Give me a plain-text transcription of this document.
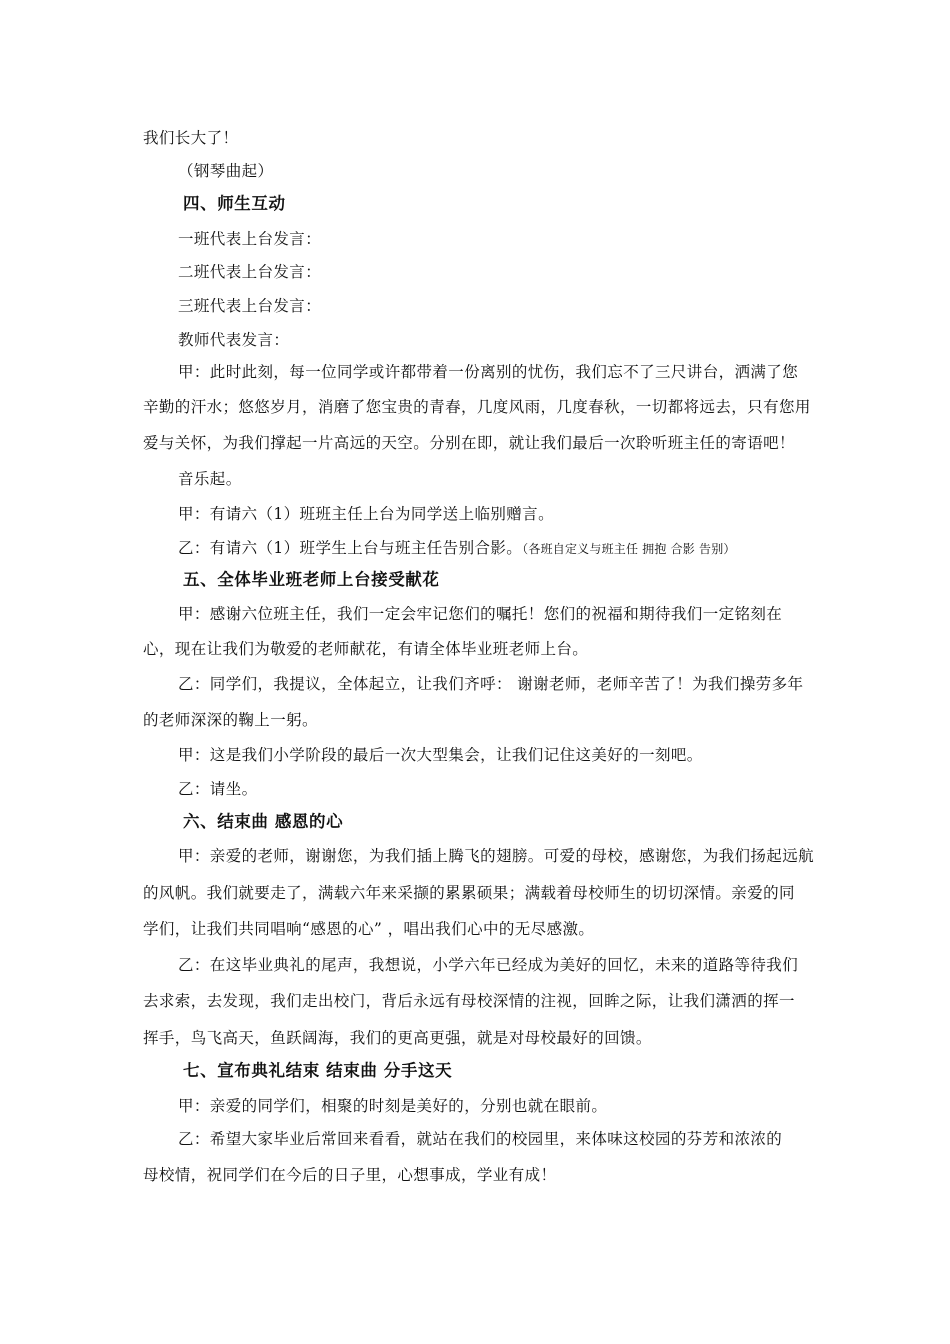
我们长大了！
（钢琴曲起）
四、师生互动
一班代表上台发言：
二班代表上台发言：
三班代表上台发言：
教师代表发言：
甲：此时此刻，每一位同学或许都带着一份离别的忧伤，我们忘不了三尺讲台，洒满了您
辛勤的汗水；悠悠岁月，消磨了您宝贵的青春，几度风雨，几度春秋，一切都将远去，只有您用
爱与关怀，为我们撑起一片高远的天空。分别在即，就让我们最后一次聆听班主任的寄语吧！
音乐起。
甲：有请六（1）班班主任上台为同学送上临别赠言。
乙：有请六（1）班学生上台与班主任告别合影。（各班自定义与班主任 拥抱 合影 告别）
五、全体毕业班老师上台接受献花
甲：感谢六位班主任，我们一定会牢记您们的嘱托！您们的祝福和期待我们一定铭刻在
心，现在让我们为敬爱的老师献花，有请全体毕业班老师上台。
乙：同学们，我提议，全体起立，让我们齐呼： 谢谢老师，老师辛苦了！为我们操劳多年
的老师深深的鞠上一躬。
甲：这是我们小学阶段的最后一次大型集会，让我们记住这美好的一刻吧。
乙：请坐。
六、结束曲 感恩的心
甲：亲爱的老师，谢谢您，为我们插上腾飞的翅膀。可爱的母校，感谢您，为我们扬起远航
的风帆。我们就要走了，满载六年来采撷的累累硕果；满载着母校师生的切切深情。亲爱的同
学们，让我们共同唱响“感恩的心” ，唱出我们心中的无尽感激。
乙：在这毕业典礼的尾声，我想说，小学六年已经成为美好的回忆，未来的道路等待我们
去求索，去发现，我们走出校门，背后永远有母校深情的注视，回眸之际，让我们潇洒的挥一
挥手，鸟飞高天，鱼跃阔海，我们的更高更强，就是对母校最好的回馈。
七、宣布典礼结束 结束曲 分手这天
甲：亲爱的同学们，相聚的时刻是美好的，分别也就在眼前。
乙：希望大家毕业后常回来看看，就站在我们的校园里，来体味这校园的芬芳和浓浓的
母校情，祝同学们在今后的日子里，心想事成，学业有成！
